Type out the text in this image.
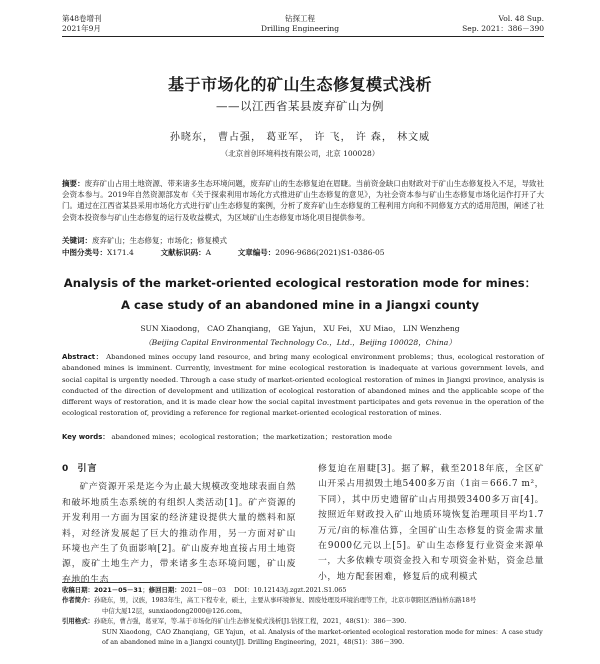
第48卷增刊
2021年9月
钻探工程
Drilling Engineering
Vol. 48 Sup.
Sep. 2021：386－390
基于市场化的矿山生态修复模式浅析
——以江西省某县废弃矿山为例
孙晓东， 曹占强， 葛亚军， 许 飞， 许 森， 林文威
（北京首创环境科技有限公司，北京 100028）
摘要：废弃矿山占用土地资源、带来诸多生态环境问题，废弃矿山的生态修复迫在眉睫。当前资金缺口由财政对于矿山生态修复投入不足，导致社会资本参与。2019年自然资源部发布《关于探索利用市场化方式推进矿山生态修复的意见》，为社会资本参与矿山生态修复市场化运作打开了大门。通过在江西省某县采用市场化方式进行矿山生态修复的案例，分析了废弃矿山生态修复的工程利用方向和不同修复方式的适用范围，阐述了社会资本投资参与矿山生态修复的运行及收益模式，为区域矿山生态修复市场化项目提供参考。
关键词：废弃矿山；生态修复；市场化；修复模式
中图分类号：X171.4	文献标识码：A	文章编号：2096-9686(2021)S1-0386-05
Analysis of the market-oriented ecological restoration mode for mines：
A case study of an abandoned mine in a Jiangxi county
SUN Xiaodong， CAO Zhanqiang， GE Yajun， XU Fei， XU Miao， LIN Wenzheng
（Beijing Capital Environmental Technology Co.，Ltd.，Beijing 100028，China）
Abstract： Abandoned mines occupy land resource, and bring many ecological environment problems；thus, ecological restoration of abandoned mines is imminent. Currently, investment for mine ecological restoration is inadequate at various government levels, and social capital is urgently needed. Through a case study of market-oriented ecological restoration of mines in Jiangxi province, analysis is conducted of the direction of development and utilization of ecological restoration of abandoned mines and the applicable scope of the different ways of restoration, and it is made clear how the social capital investment participates and gets revenue in the operation of the ecological restoration of, providing a reference for regional market-oriented ecological restoration of mines.
Key words： abandoned mines；ecological restoration；the marketization；restoration mode
0 引言

矿产资源开采是迄今为止最大规模改变地球表面自然和破坏地质生态系统的有组织人类活动[1]。矿产资源的开发利用一方面为国家的经济建设提供大量的燃料和原料，对经济发展起了巨大的推动作用，另一方面对矿山环境也产生了负面影响[2]。矿山废弃地直接占用土地资源，废矿土地生产力，带来诸多生态环境问题，矿山废弃地的生态

修复迫在眉睫[3]。据了解，截至2018年底，全区矿山开采占用损毁土地5400多万亩（1亩＝666.7 m²，下同），其中历史遗留矿山占用损毁3400多万亩[4]。按照近年财政投入矿山地质环境恢复治理项目平均1.7万元/亩的标准估算，全国矿山生态修复的资金需求量在9000亿元以上[5]。矿山生态修复行业资金来源单一，大多依赖专项资金投入和专项资金补贴，资金总量小，地方配套困难，修复后的成利模式

收稿日期：2021－05－31；修回日期：2021－08－03 DOI：10.12143/j.zgzt.2021.S1.065
作者简介：孙晓东，男，汉族，1983年生，高工下程专业，硕士，主要从事环境修复、固废处理及环境治理等工作，北京市朝阳区酒仙桥东路18号
中信大厦12层，sunxiaodong2000@126.com。
引用格式：孙晓东，曹占强，葛亚军，等.基于市场化的矿山生态修复模式浅析[J].钻探工程，2021，48(S1)：386－390.
SUN Xiaodong，CAO Zhanqiang，GE Yajun，et al. Analysis of the market-oriented ecological restoration mode for mines：A case study
of an abandoned mine in a Jiangxi county[J]. Drilling Engineering，2021，48(S1)：386－390.
